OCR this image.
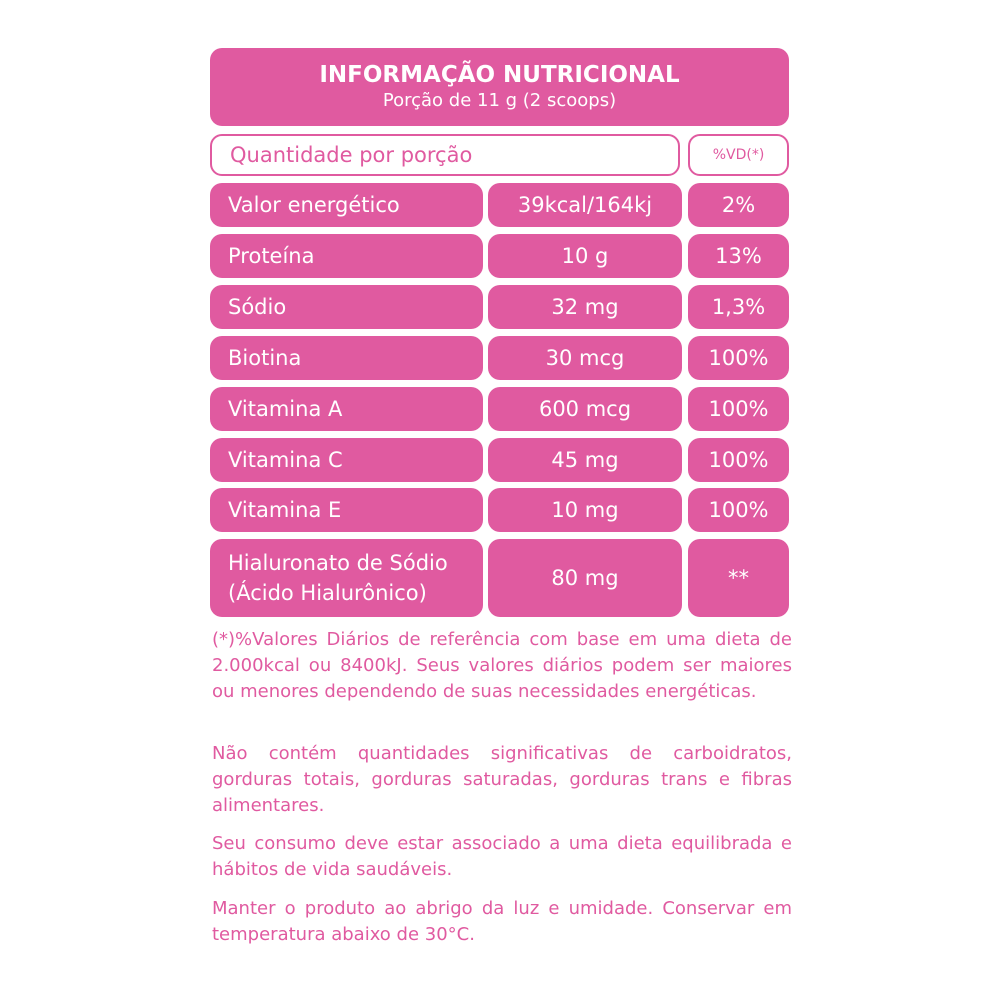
INFORMAÇÃO NUTRICIONAL
Porção de 11 g (2 scoops)
Quantidade por porção	%VD(*)
Valor energético	39kcal/164kj	2%
Proteína	10 g	13%
Sódio	32 mg	1,3%
Biotina	30 mcg	100%
Vitamina A	600 mcg	100%
Vitamina C	45 mg	100%
Vitamina E	10 mg	100%
Hialuronato de Sódio
(Ácido Hialurônico)
80 mg	**

(*)%Valores Diários de referência com base em uma dieta de 2.000kcal ou 8400kJ. Seus valores diários podem ser maiores ou menores dependendo de suas necessidades energéticas.

Não contém quantidades significativas de carboidratos, gorduras totais, gorduras saturadas, gorduras trans e fibras alimentares.

Seu consumo deve estar associado a uma dieta equilibrada e hábitos de vida saudáveis.

Manter o produto ao abrigo da luz e umidade. Conservar em temperatura abaixo de 30°C.
